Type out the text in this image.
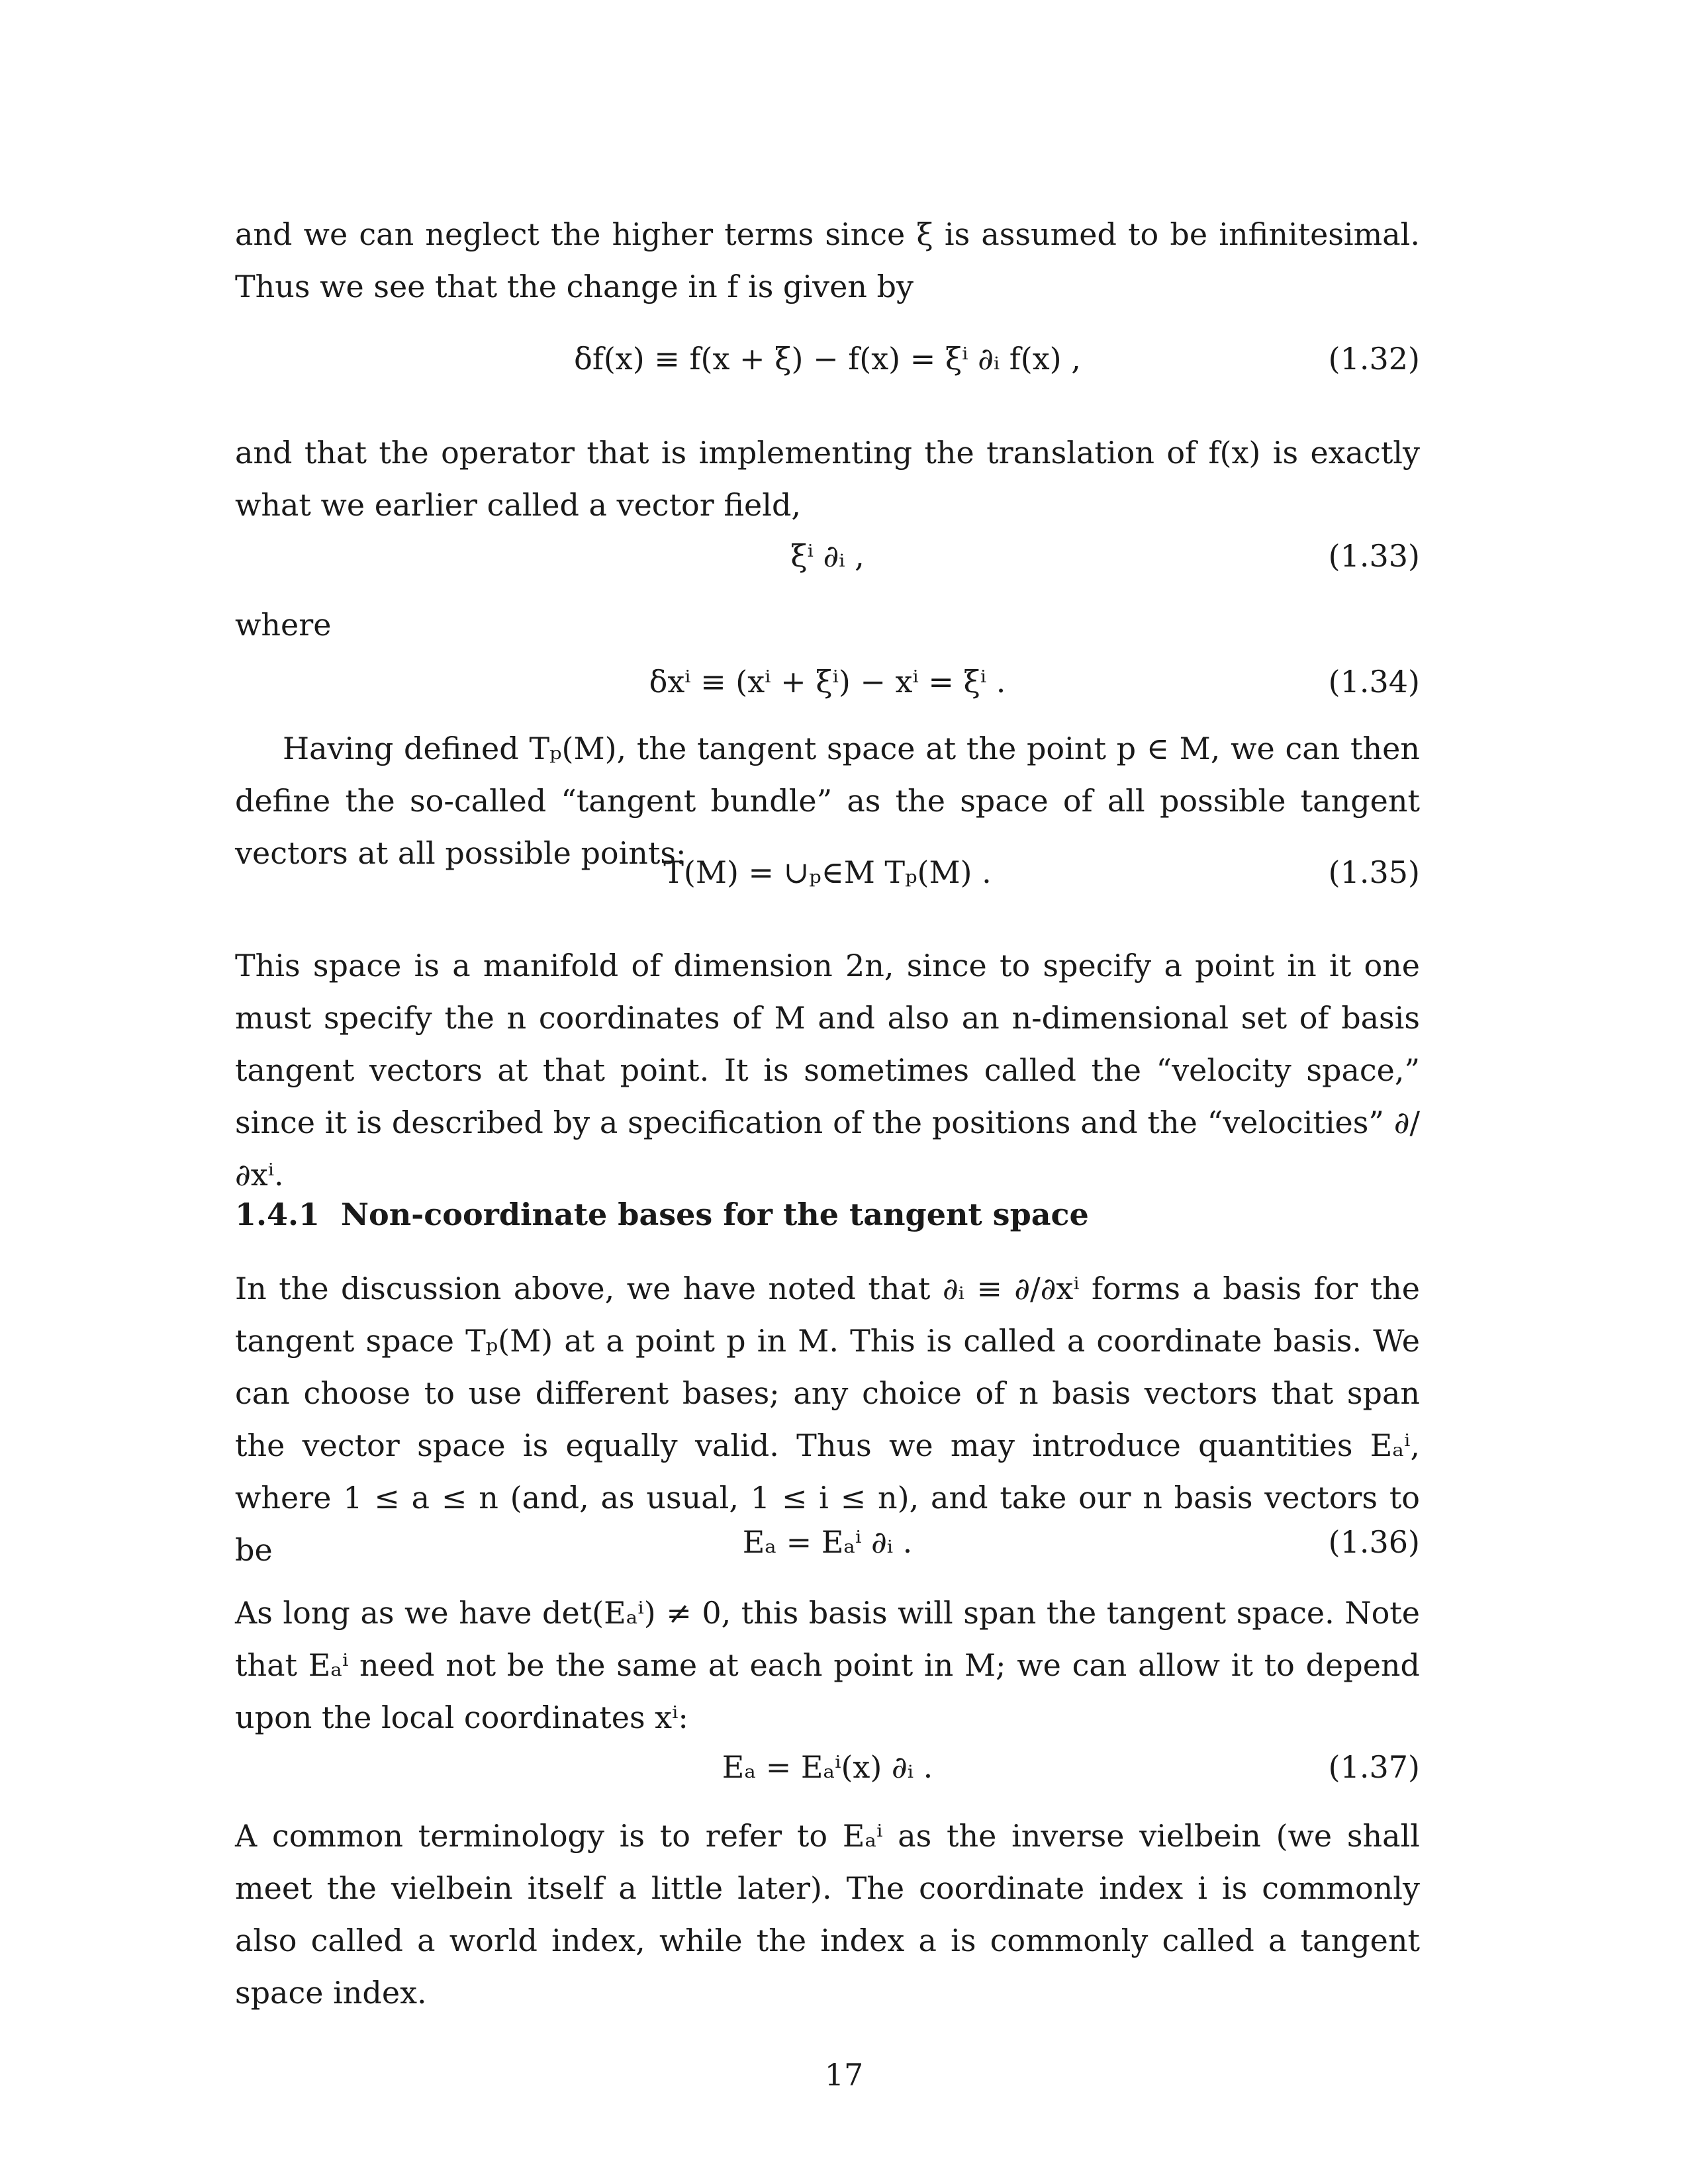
and we can neglect the higher terms since ξ is assumed to be infinitesimal. Thus we see that the change in f is given by

δf(x) ≡ f(x + ξ) − f(x) = ξⁱ ∂ᵢ f(x) ,	(1.32)

and that the operator that is implementing the translation of f(x) is exactly what we earlier called a vector field,

ξⁱ ∂ᵢ ,	(1.33)

where

δxⁱ ≡ (xⁱ + ξⁱ) − xⁱ = ξⁱ .	(1.34)

Having defined Tₚ(M), the tangent space at the point p ∈ M, we can then define the so-called “tangent bundle” as the space of all possible tangent vectors at all possible points:

T(M) = ∪ₚ∈M Tₚ(M) .	(1.35)

This space is a manifold of dimension 2n, since to specify a point in it one must specify the n coordinates of M and also an n-dimensional set of basis tangent vectors at that point. It is sometimes called the “velocity space,” since it is described by a specification of the positions and the “velocities” ∂/∂xⁱ.

1.4.1 Non-coordinate bases for the tangent space

In the discussion above, we have noted that ∂ᵢ ≡ ∂/∂xⁱ forms a basis for the tangent space Tₚ(M) at a point p in M. This is called a coordinate basis. We can choose to use different bases; any choice of n basis vectors that span the vector space is equally valid. Thus we may introduce quantities Eₐⁱ, where 1 ≤ a ≤ n (and, as usual, 1 ≤ i ≤ n), and take our n basis vectors to be	Eₐ = Eₐⁱ ∂ᵢ .	(1.36)

As long as we have det(Eₐⁱ) ≠ 0, this basis will span the tangent space. Note that Eₐⁱ need not be the same at each point in M; we can allow it to depend upon the local coordinates xⁱ:

Eₐ = Eₐⁱ(x) ∂ᵢ .	(1.37)

A common terminology is to refer to Eₐⁱ as the inverse vielbein (we shall meet the vielbein itself a little later). The coordinate index i is commonly also called a world index, while the index a is commonly called a tangent space index.

17
